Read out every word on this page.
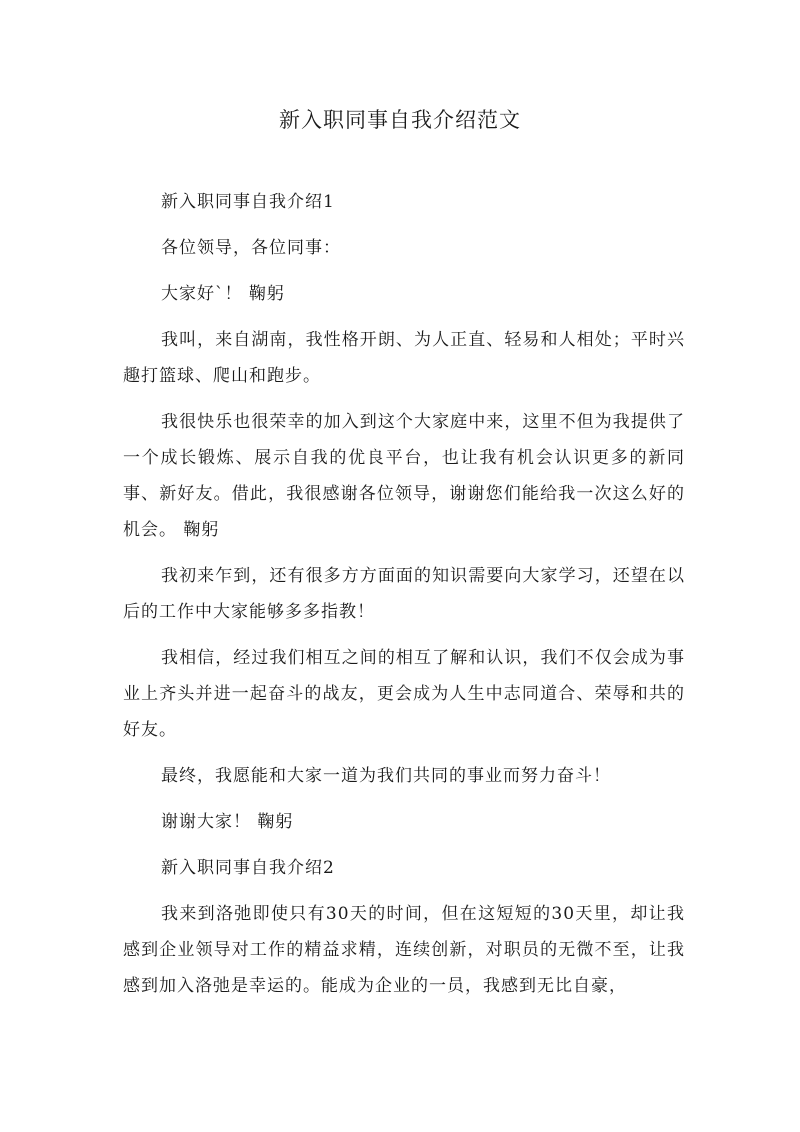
新入职同事自我介绍范文

新入职同事自我介绍1

各位领导，各位同事：

大家好`！ 鞠躬

我叫，来自湖南，我性格开朗、为人正直、轻易和人相处；平时兴趣打篮球、爬山和跑步。

我很快乐也很荣幸的加入到这个大家庭中来，这里不但为我提供了一个成长锻炼、展示自我的优良平台，也让我有机会认识更多的新同事、新好友。借此，我很感谢各位领导，谢谢您们能给我一次这么好的机会。 鞠躬

我初来乍到，还有很多方方面面的知识需要向大家学习，还望在以后的工作中大家能够多多指教！

我相信，经过我们相互之间的相互了解和认识，我们不仅会成为事业上齐头并进一起奋斗的战友，更会成为人生中志同道合、荣辱和共的好友。

最终，我愿能和大家一道为我们共同的事业而努力奋斗！

谢谢大家！ 鞠躬

新入职同事自我介绍2

我来到洛弛即使只有30天的时间，但在这短短的30天里，却让我感到企业领导对工作的精益求精，连续创新，对职员的无微不至，让我感到加入洛弛是幸运的。能成为企业的一员，我感到无比自豪，
